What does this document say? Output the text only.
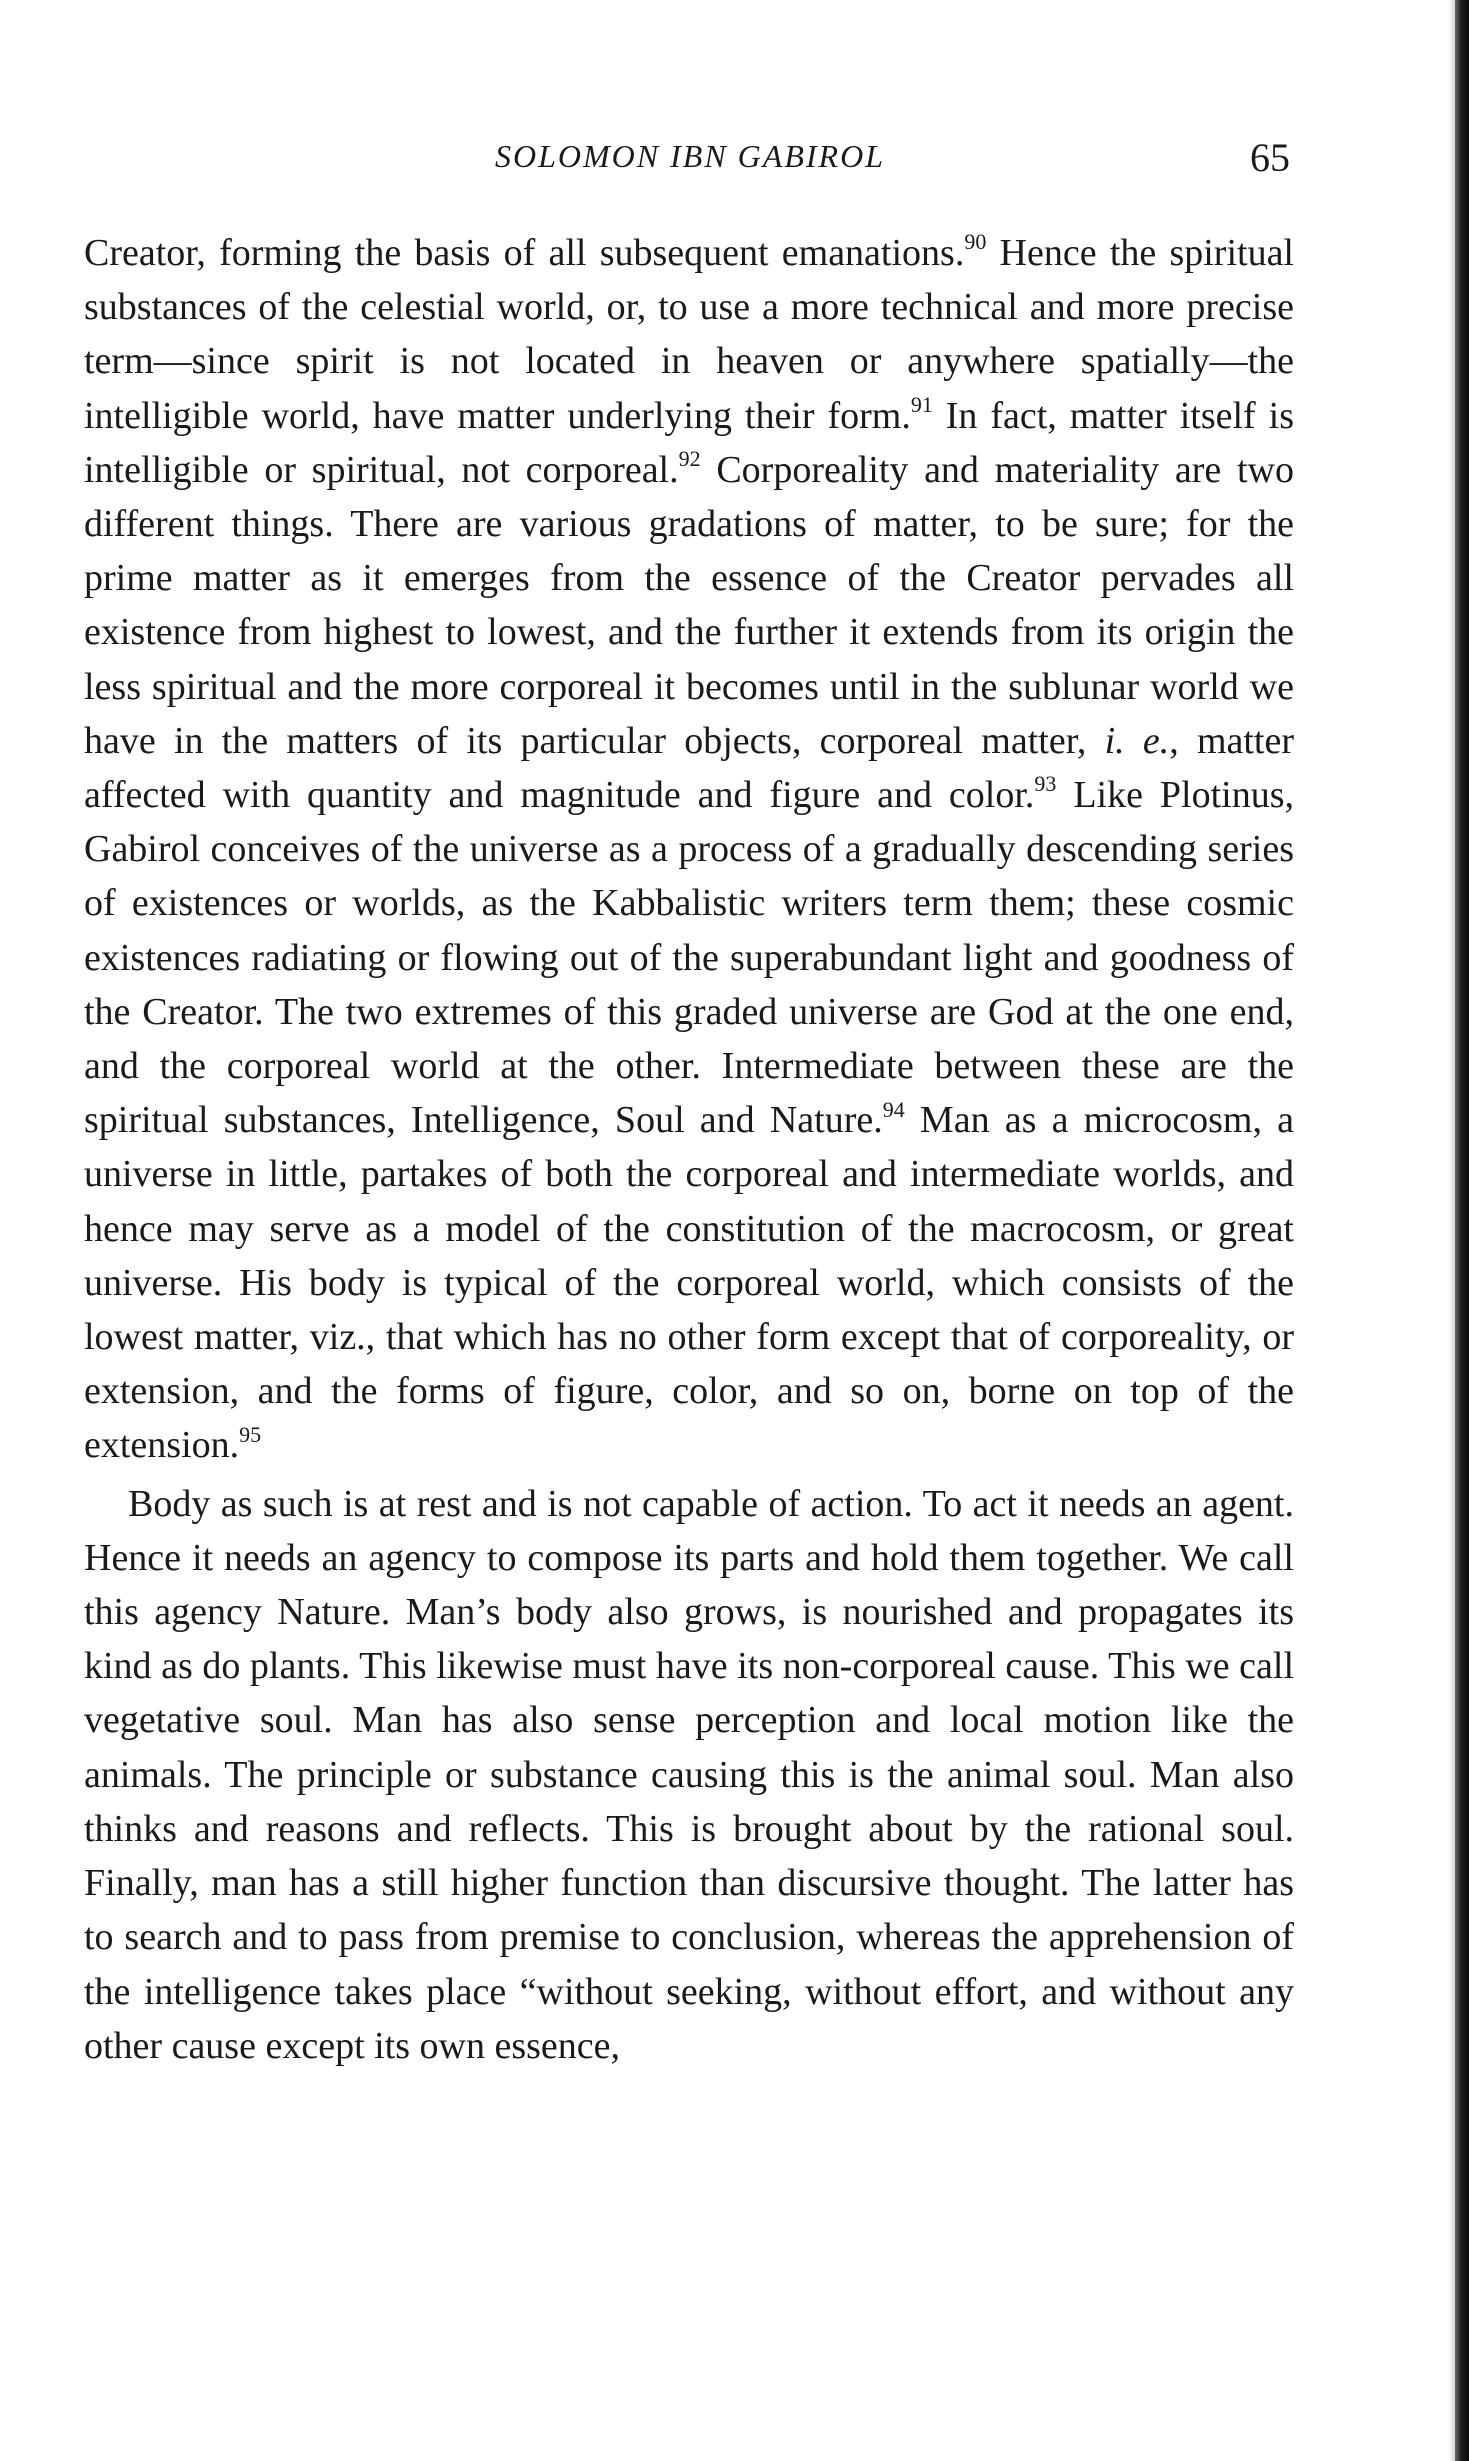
SOLOMON IBN GABIROL	65

Creator, forming the basis of all subsequent emanations.$^{90}$ Hence the spiritual substances of the celestial world, or, to use a more technical and more precise term—since spirit is not located in heaven or anywhere spatially—the intelligible world, have matter underlying their form.$^{91}$ In fact, matter itself is intelligible or spiritual, not corporeal.$^{92}$ Corporeality and materiality are two different things. There are various gradations of matter, to be sure; for the prime matter as it emerges from the essence of the Creator pervades all existence from highest to lowest, and the further it extends from its origin the less spiritual and the more corporeal it becomes until in the sublunar world we have in the matters of its particular objects, corporeal matter, i. e., matter affected with quantity and magnitude and figure and color.$^{93}$ Like Plotinus, Gabirol conceives of the universe as a process of a gradually descending series of existences or worlds, as the Kabbalistic writers term them; these cosmic existences radiating or flowing out of the superabundant light and goodness of the Creator. The two extremes of this graded universe are God at the one end, and the corporeal world at the other. Intermediate between these are the spiritual substances, Intelligence, Soul and Nature.$^{94}$ Man as a microcosm, a universe in little, partakes of both the corporeal and intermediate worlds, and hence may serve as a model of the constitution of the macrocosm, or great universe. His body is typical of the corporeal world, which consists of the lowest matter, viz., that which has no other form except that of corporeality, or extension, and the forms of figure, color, and so on, borne on top of the extension.$^{95}$

Body as such is at rest and is not capable of action. To act it needs an agent. Hence it needs an agency to compose its parts and hold them together. We call this agency Nature. Man’s body also grows, is nourished and propagates its kind as do plants. This likewise must have its non-corporeal cause. This we call vegetative soul. Man has also sense perception and local motion like the animals. The principle or substance causing this is the animal soul. Man also thinks and reasons and reflects. This is brought about by the rational soul. Finally, man has a still higher function than discursive thought. The latter has to search and to pass from premise to conclusion, whereas the apprehension of the intelligence takes place “without seeking, without effort, and without any other cause except its own essence,
